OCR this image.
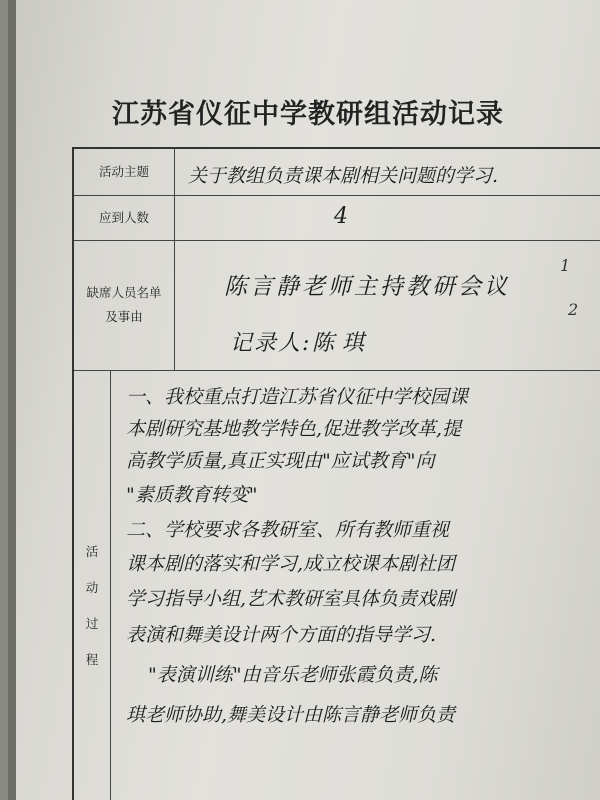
江苏省仪征中学教研组活动记录
活动主题	关于教组负责课本剧相关问题的学习.
应到人数	4
缺席人员名单
及事由
陈言静老师主持教研会议
记录人: 陈琪
活
动
过
程
一、我校重点打造江苏省仪征中学校园课
本剧研究基地教学特色,促进教学改革,提
高教学质量,真正实现由"应试教育"向
"素质教育转变"
二、学校要求各教研室、所有教师重视
课本剧的落实和学习,成立校课本剧社团
学习指导小组,艺术教研室具体负责戏剧
表演和舞美设计两个方面的指导学习.
"表演训练"由音乐老师张霞负责,陈
琪老师协助,舞美设计由陈言静老师负责
1
2
